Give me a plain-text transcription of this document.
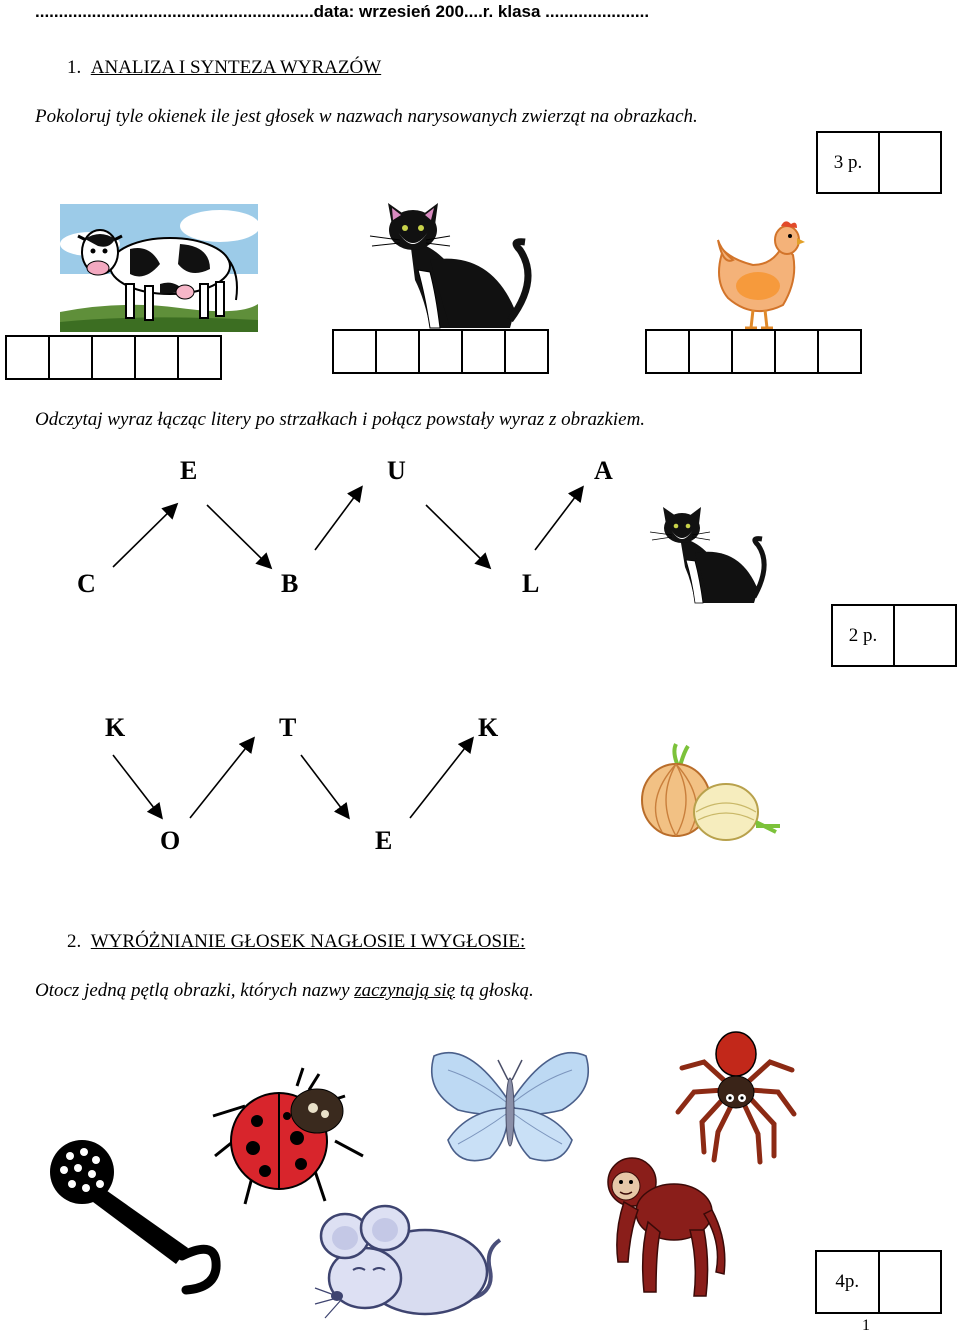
...........................................................data: wrzesień 200....r. klasa ......................
1. ANALIZA I SYNTEZA WYRAZÓW
Pokoloruj tyle okienek ile jest głosek w nazwach narysowanych zwierząt na obrazkach.
3 p.
Odczytaj wyraz łącząc litery po strzałkach i połącz powstały wyraz z obrazkiem.
E	U	A
C	B	L
2 p.
K	T	K
O	E
2. WYRÓŻNIANIE GŁOSEK NAGŁOSIE I WYGŁOSIE:
Otocz jedną pętlą obrazki, których nazwy zaczynają się tą głoską.
4p.
1
